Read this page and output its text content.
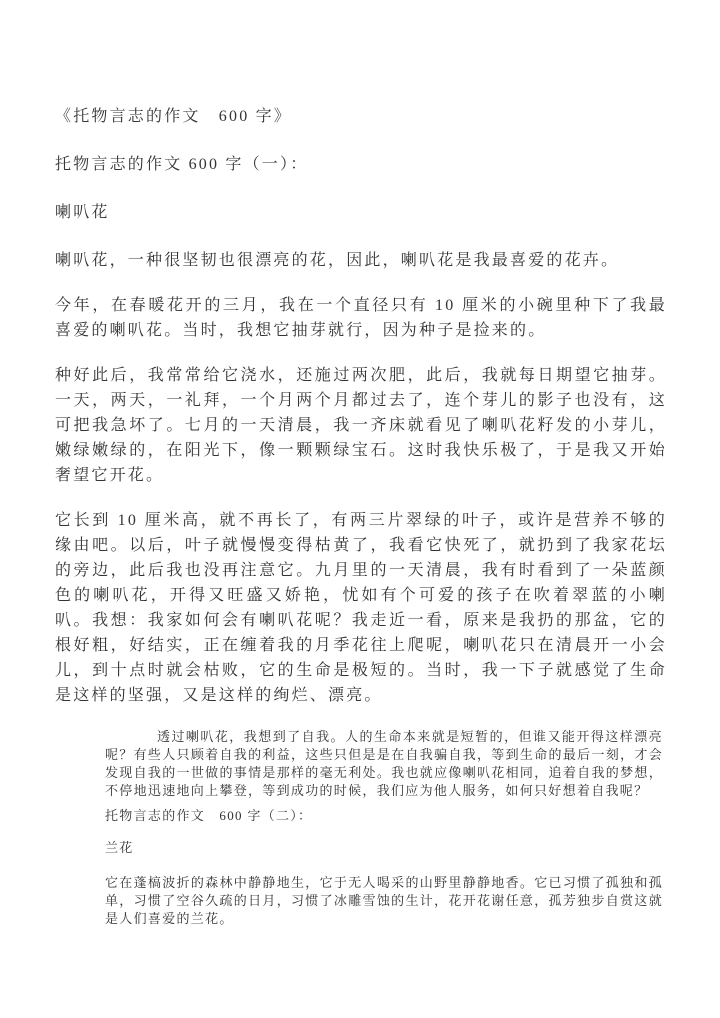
《托物言志的作文　600 字》

托物言志的作文 600 字（一）：

喇叭花

喇叭花，一种很坚韧也很漂亮的花，因此，喇叭花是我最喜爱的花卉。

今年，在春暖花开的三月，我在一个直径只有 10 厘米的小碗里种下了我最喜爱的喇叭花。当时，我想它抽芽就行，因为种子是捡来的。

种好此后，我常常给它浇水，还施过两次肥，此后，我就每日期望它抽芽。一天，两天，一礼拜，一个月两个月都过去了，连个芽儿的影子也没有，这可把我急坏了。七月的一天清晨，我一齐床就看见了喇叭花籽发的小芽儿，嫩绿嫩绿的，在阳光下，像一颗颗绿宝石。这时我快乐极了，于是我又开始奢望它开花。

它长到 10 厘米高，就不再长了，有两三片翠绿的叶子，或许是营养不够的缘由吧。以后，叶子就慢慢变得枯黄了，我看它快死了，就扔到了我家花坛的旁边，此后我也没再注意它。九月里的一天清晨，我有时看到了一朵蓝颜色的喇叭花，开得又旺盛又娇艳，忧如有个可爱的孩子在吹着翠蓝的小喇叭。我想：我家如何会有喇叭花呢？我走近一看，原来是我扔的那盆，它的根好粗，好结实，正在缠着我的月季花往上爬呢，喇叭花只在清晨开一小会儿，到十点时就会枯败，它的生命是极短的。当时，我一下子就感觉了生命是这样的坚强，又是这样的绚烂、漂亮。

透过喇叭花，我想到了自我。人的生命本来就是短暂的，但谁又能开得这样漂亮呢？有些人只顾着自我的利益，这些只但是是在自我骗自我，等到生命的最后一刻，才会发现自我的一世做的事情是那样的毫无利处。我也就应像喇叭花相同，追着自我的梦想，不停地迅速地向上攀登，等到成功的时候，我们应为他人服务，如何只好想着自我呢？

托物言志的作文　600 字（二）：

兰花

它在蓬槁波折的森林中静静地生，它于无人喝采的山野里静静地香。它已习惯了孤独和孤单，习惯了空谷久疏的日月，习惯了冰雕雪蚀的生计，花开花谢任意，孤芳独步自赏这就是人们喜爱的兰花。
